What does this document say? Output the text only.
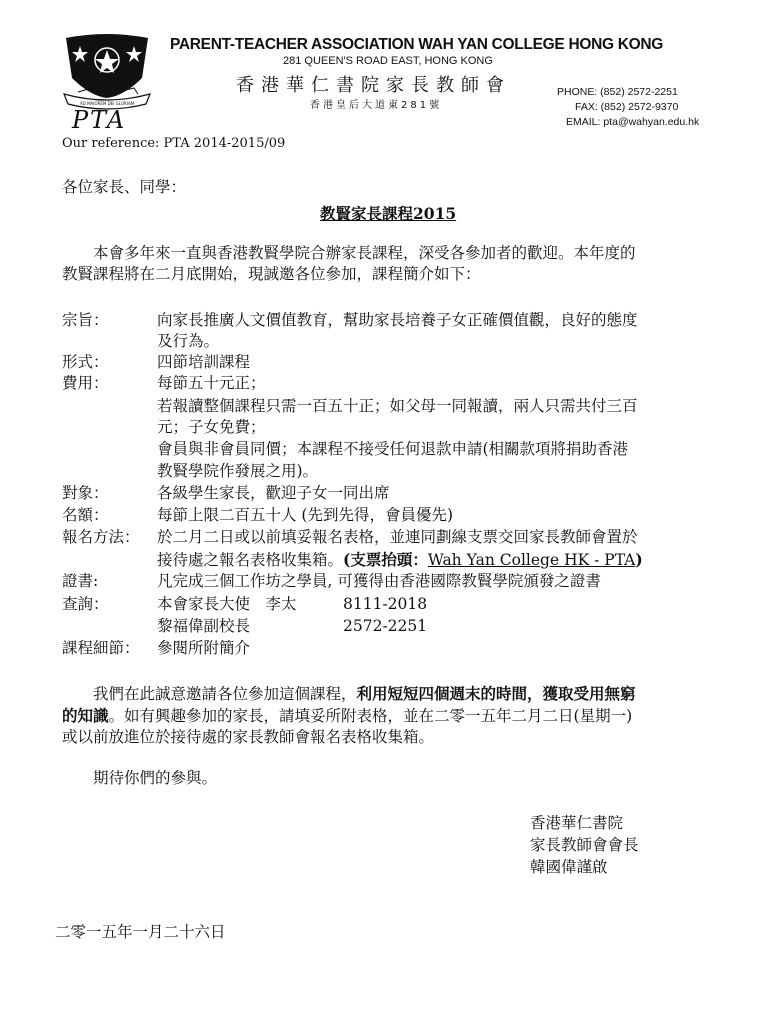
AD MAIOREM DEI GLORIAM
PTA
PARENT-TEACHER ASSOCIATION WAH YAN COLLEGE HONG KONG
281 QUEEN'S ROAD EAST, HONG KONG
香港華仁書院家長教師會
香港皇后大道東281號
PHONE: (852) 2572-2251
FAX: (852) 2572-9370
EMAIL: pta@wahyan.edu.hk
Our reference: PTA 2014-2015/09
各位家長、同學：
教賢家長課程2015
本會多年來一直與香港教賢學院合辦家長課程，深受各參加者的歡迎。本年度的
教賢課程將在二月底開始，現誠邀各位參加，課程簡介如下：
宗旨：	向家長推廣人文價值教育，幫助家長培養子女正確價值觀，良好的態度
及行為。
形式：	四節培訓課程
費用：	每節五十元正；
若報讀整個課程只需一百五十正；如父母一同報讀，兩人只需共付三百
元；子女免費；
會員與非會員同價；本課程不接受任何退款申請(相關款項將捐助香港
教賢學院作發展之用)。
對象：	各級學生家長，歡迎子女一同出席
名額：	每節上限二百五十人 (先到先得，會員優先)
報名方法： 於二月二日或以前填妥報名表格，並連同劃線支票交回家長教師會置於
接待處之報名表格收集箱。(支票抬頭：Wah Yan College HK - PTA)
證書:	凡完成三個工作坊之學員, 可獲得由香港國際教賢學院頒發之證書
查詢：	本會家長大使　李太	8111-2018
黎福偉副校長	2572-2251
課程細節： 參閱所附簡介
我們在此誠意邀請各位參加這個課程，利用短短四個週末的時間，獲取受用無窮
的知識。如有興趣參加的家長，請填妥所附表格，並在二零一五年二月二日(星期一)
或以前放進位於接待處的家長教師會報名表格收集箱。
期待你們的參與。
香港華仁書院
家長教師會會長
韓國偉謹啟
二零一五年一月二十六日
